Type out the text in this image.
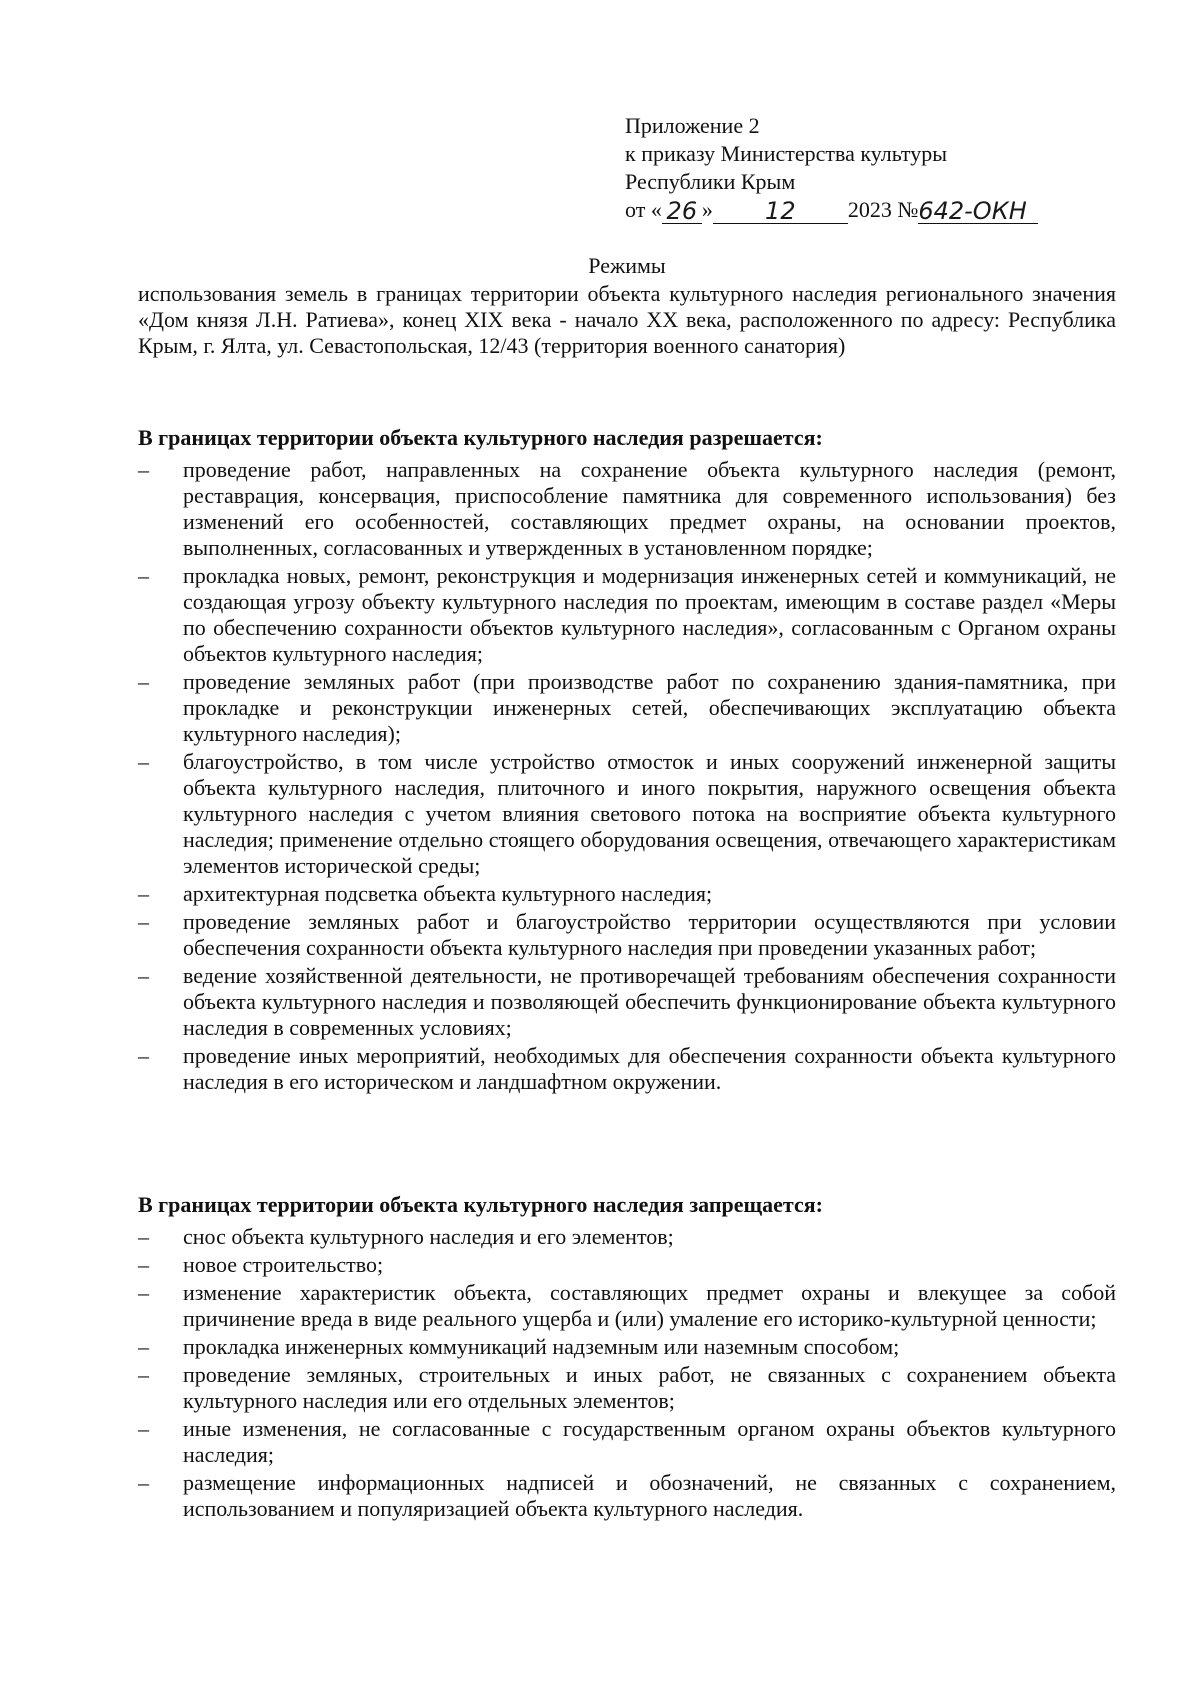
Приложение 2
к приказу Министерства культуры
Республики Крым
от « 26 » 12 2023 №642-ОКН
Режимы
использования земель в границах территории объекта культурного наследия регионального значения «Дом князя Л.Н. Ратиева», конец XIX века - начало XX века, расположенного по адресу: Республика Крым, г. Ялта, ул. Севастопольская, 12/43 (территория военного санатория)
В границах территории объекта культурного наследия разрешается:
– проведение работ, направленных на сохранение объекта культурного наследия (ремонт, реставрация, консервация, приспособление памятника для современного использования) без изменений его особенностей, составляющих предмет охраны, на основании проектов, выполненных, согласованных и утвержденных в установленном порядке;
– прокладка новых, ремонт, реконструкция и модернизация инженерных сетей и коммуникаций, не создающая угрозу объекту культурного наследия по проектам, имеющим в составе раздел «Меры по обеспечению сохранности объектов культурного наследия», согласованным с Органом охраны объектов культурного наследия;
– проведение земляных работ (при производстве работ по сохранению здания-памятника, при прокладке и реконструкции инженерных сетей, обеспечивающих эксплуатацию объекта культурного наследия);
– благоустройство, в том числе устройство отмосток и иных сооружений инженерной защиты объекта культурного наследия, плиточного и иного покрытия, наружного освещения объекта культурного наследия с учетом влияния светового потока на восприятие объекта культурного наследия; применение отдельно стоящего оборудования освещения, отвечающего характеристикам элементов исторической среды;
– архитектурная подсветка объекта культурного наследия;
– проведение земляных работ и благоустройство территории осуществляются при условии обеспечения сохранности объекта культурного наследия при проведении указанных работ;
– ведение хозяйственной деятельности, не противоречащей требованиям обеспечения сохранности объекта культурного наследия и позволяющей обеспечить функционирование объекта культурного наследия в современных условиях;
– проведение иных мероприятий, необходимых для обеспечения сохранности объекта культурного наследия в его историческом и ландшафтном окружении.
В границах территории объекта культурного наследия запрещается:
– снос объекта культурного наследия и его элементов;
– новое строительство;
– изменение характеристик объекта, составляющих предмет охраны и влекущее за собой причинение вреда в виде реального ущерба и (или) умаление его историко-культурной ценности;
– прокладка инженерных коммуникаций надземным или наземным способом;
– проведение земляных, строительных и иных работ, не связанных с сохранением объекта культурного наследия или его отдельных элементов;
– иные изменения, не согласованные с государственным органом охраны объектов культурного наследия;
– размещение информационных надписей и обозначений, не связанных с сохранением, использованием и популяризацией объекта культурного наследия.
